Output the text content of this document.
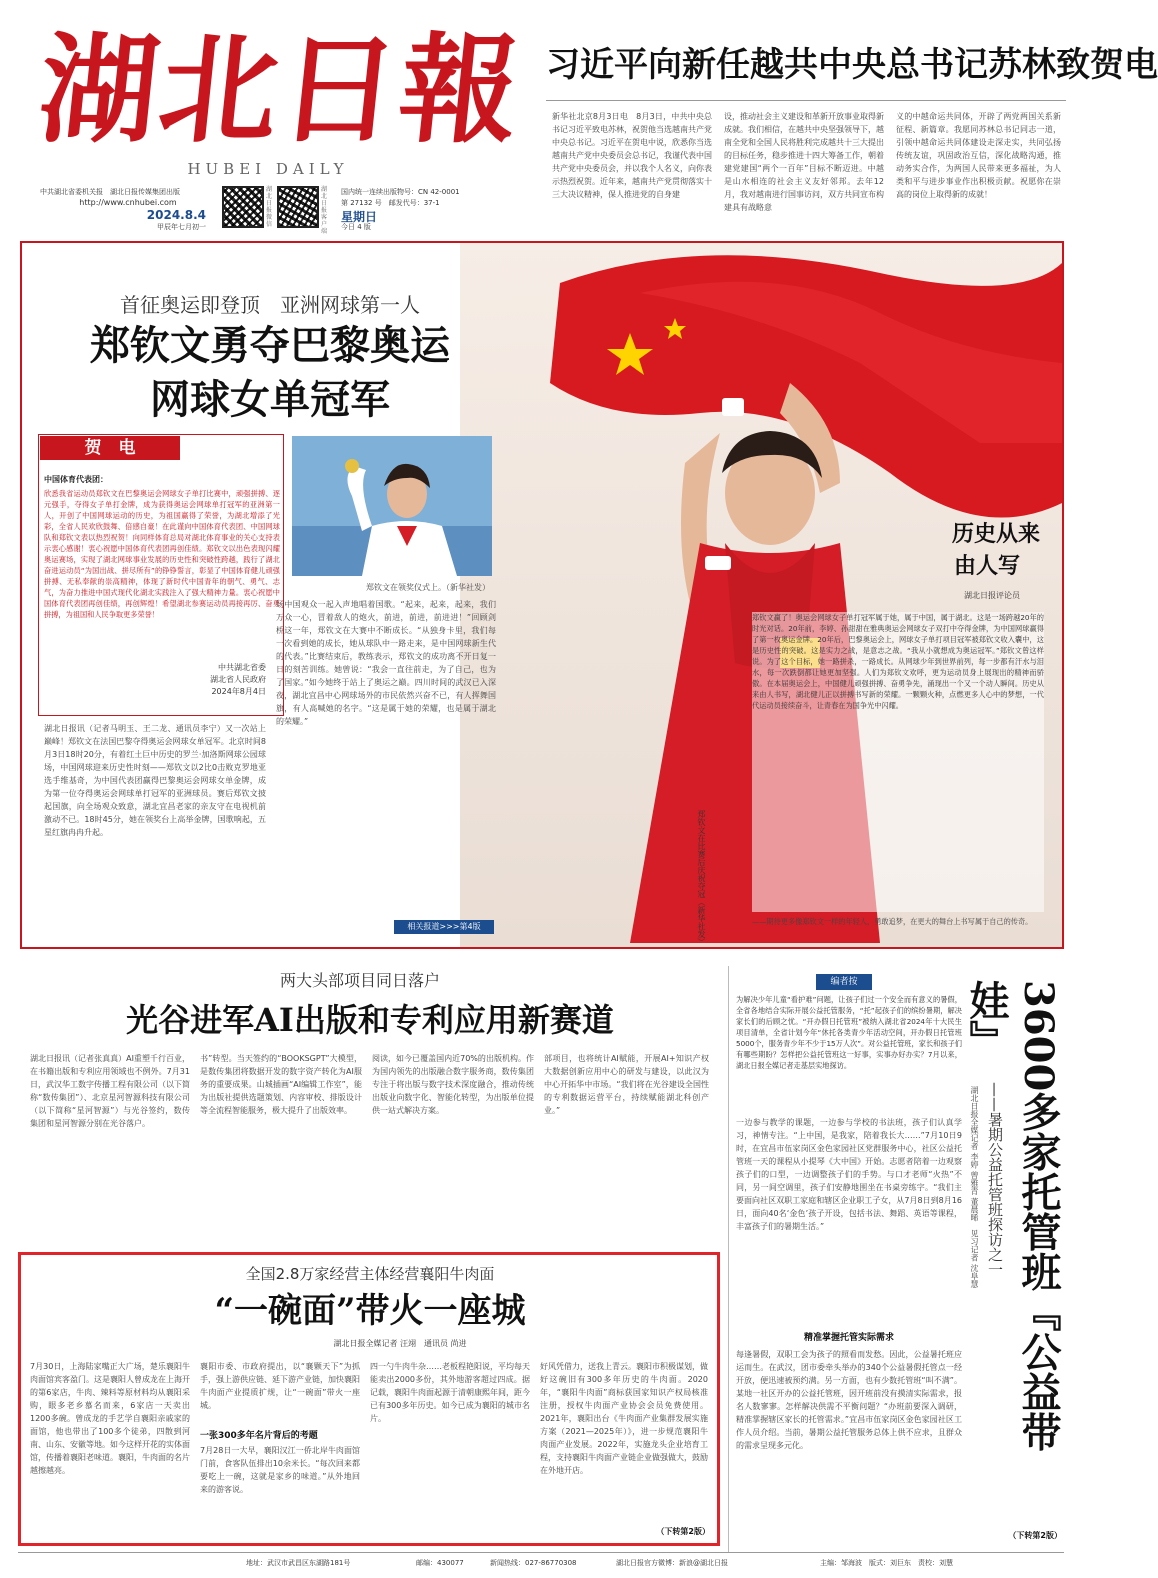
湖北日報
HUBEI DAILY
中共湖北省委机关报　湖北日报传媒集团出版
http://www.cnhubei.com
2024.8.4
甲辰年七月初一
湖北日报微信
湖北日报客户端
国内统一连续出版物号：CN 42-0001
第 27132 号　邮发代号：37-1
星期日
今日 4 版
习近平向新任越共中央总书记苏林致贺电
新华社北京8月3日电　8月3日，中共中央总书记习近平致电苏林，祝贺他当选越南共产党中央总书记。习近平在贺电中说，欣悉你当选越南共产党中央委员会总书记，我谨代表中国共产党中央委员会，并以我个人名义，向你表示热烈祝贺。近年来，越南共产党贯彻落实十三大决议精神，保人推进党的自身建
设，推动社会主义建设和革新开放事业取得新成就。我们相信，在越共中央坚强领导下，越南全党和全国人民将胜利完成越共十三大提出的目标任务，稳步推进十四大筹备工作，朝着建党建国“两个一百年”目标不断迈进。中越是山水相连的社会主义友好邻邦。去年12月，我对越南进行国事访问，双方共同宣布构建具有战略意
义的中越命运共同体，开辟了两党两国关系新征程、新篇章。我愿同苏林总书记同志一道，引领中越命运共同体建设走深走实，共同弘扬传统友谊，巩固政治互信，深化战略沟通，推动务实合作，为两国人民带来更多福祉，为人类和平与进步事业作出积极贡献。祝愿你在崇高的岗位上取得新的成就！
首征奥运即登顶　亚洲网球第一人
郑钦文勇夺巴黎奥运
网球女单冠军
贺　电
中国体育代表团：
欣悉我省运动员郑钦文在巴黎奥运会网球女子单打比赛中，顽强拼搏、逐元强手，夺得女子单打金牌，成为获得奥运会网球单打冠军的亚洲第一人，开创了中国网球运动的历史，为祖国赢得了荣誉，为湖北增添了光彩，全省人民欢欣鼓舞、倍感自豪！在此谨向中国体育代表团、中国网球队和郑钦文表以热烈祝贺！向同样体育总局对湖北体育事业的关心支持表示衷心感谢！衷心祝愿中国体育代表团再创佳绩。郑钦文以出色表现闪耀奥运赛场，实现了湖北网球事业发展的历史性和突破性跨越，践行了湖北奋进运动员“为国出战、拼尽所有”的铮铮誓言，彰显了中国体育健儿顽强拼搏、无私奉献的崇高精神，体现了新时代中国青年的朝气、勇气、志气，为奋力推进中国式现代化湖北实践注入了强大精神力量。衷心祝愿中国体育代表团再创佳绩，再创辉煌！希望湖北参赛运动员再接再厉、奋勇拼搏，为祖国和人民争取更多荣誉！
中共湖北省委
湖北省人民政府
2024年8月4日
郑钦文在领奖仪式上。（新华社发）
湖北日报讯（记者马明玉、王二龙、通讯员李宁）又一次站上巅峰！郑钦文在法国巴黎夺得奥运会网球女单冠军。北京时间8月3日18时20分，有着红土巨中历史的罗兰·加洛斯网球公园球场，中国网球迎来历史性时刻——郑钦文以2比0击败克罗地亚选手维基奇，为中国代表团赢得巴黎奥运会网球女单金牌，成为第一位夺得奥运会网球单打冠军的亚洲球员。赛后郑钦文披起国旗，向全场观众致意，湖北宜昌老家的亲友守在电视机前激动不已。18时45分，她在领奖台上高举金牌，国歌响起，五星红旗冉冉升起。
场中国观众一起入声地唱着国歌。“起来，起来，起来，我们万众一心，冒着敌人的炮火，前进，前进，前进进！”回顾剑桥这一年，郑钦文在大赛中不断成长。“从独身卡里，我们每一次看到她的成长，她从球队中一路走来，是中国网球新生代的代表。”比赛结束后，教练表示，郑钦文的成功离不开日复一日的刻苦训练。她曾说：“我会一直往前走，为了自己，也为了国家。”如今她终于站上了奥运之巅。四川时间的武汉已入深夜，湖北宜昌中心网球场外的市民依然兴奋不已，有人挥舞国旗，有人高喊她的名字。“这是属于她的荣耀，也是属于湖北的荣耀。”
相关报道>>>第4版	郑钦文在比赛后庆祝夺冠（新华社发）
历史从来
由人写
湖北日报评论员
郑钦文赢了！奥运会网球女子单打冠军属于她，属于中国，属于湖北。这是一场跨越20年的时光对话。20年前，李婷、孙甜甜在雅典奥运会网球女子双打中夺得金牌，为中国网球赢得了第一枚奥运金牌。20年后，巴黎奥运会上，网球女子单打项目冠军被郑钦文收入囊中，这是历史性的突破。这是实力之战，是意志之战。“我从小就想成为奥运冠军。”郑钦文曾这样说。为了这个目标，她一路拼杀，一路成长。从网球少年到世界前列，每一步都有汗水与泪水，每一次跌倒都让她更加坚强。人们为郑钦文欢呼，更为运动员身上展现出的精神而骄傲。在本届奥运会上，中国健儿顽强拼搏、奋勇争先，涌现出一个又一个动人瞬间。历史从来由人书写，湖北健儿正以拼搏书写新的荣耀。一颗颗火种，点燃更多人心中的梦想，一代代运动员接续奋斗，让青春在为国争光中闪耀。
——期待更多像郑钦文一样的年轻人，勇敢追梦，在更大的舞台上书写属于自己的传奇。
两大头部项目同日落户
光谷进军AI出版和专利应用新赛道
湖北日报讯（记者张真真）AI重塑千行百业，在书籍出版和专利应用领域也不例外。7月31日，武汉华工数字传播工程有限公司（以下简称“数传集团”）、北京星河智源科技有限公司（以下简称“星河智源”）与光谷签约，数传集团和星河智源分别在光谷落户。
书”转型。当天签约的“BOOKSGPT”大模型，是数传集团将数据开发的数字资产转化为AI服务的重要成果。山城插画“AI编辑工作室”，能为出版社提供选题策划、内容审校、排版设计等全流程智能服务，极大提升了出版效率。
阅读，如今已覆盖国内近70%的出版机构。作为国内领先的出版融合数字服务商，数传集团专注于将出版与数字技术深度融合，推动传统出版业向数字化、智能化转型，为出版单位提供一站式解决方案。
部项目，也将统计AI赋能，开展AI+知识产权大数据创新应用中心的研发与建设，以此汉为中心开拓华中市场。“我们将在光谷建设全国性的专利数据运营平台，持续赋能湖北科创产业。”
全国2.8万家经营主体经营襄阳牛肉面
“一碗面”带火一座城
湖北日报全媒记者 汪翊　通讯员 尚进
7月30日，上海陆家嘴正大广场，楚乐襄阳牛肉面馆宾客盈门。这是襄阳人曾成龙在上海开的第6家店，牛肉、辣料等原材料均从襄阳采购，眼多老乡慕名而来，6家店一天卖出1200多碗。曾成龙的手艺学自襄阳亲戚家的面馆，他也带出了100多个徒弟，四散到河南、山东、安徽等地。如今这样开花的实体面馆，传播着襄阳老味道。襄阳，牛肉面的名片越擦越亮。
襄阳市委、市政府提出，以“襄颗天下”为抓手，强上游供应链、延下游产业链，加快襄阳牛肉面产业提质扩规，让“一碗面”带火一座城。
一张300多年名片背后的考题
7月28日一大早，襄阳汉江一侨北岸牛肉面馆门前，食客队伍排出10余米长。“每次回来都要吃上一碗，这就是家乡的味道。”从外地回来的游客说。
四一勺牛肉牛杂……老板程艳阳说，平均每天能卖出2000多份，其外地游客超过四成。据记载，襄阳牛肉面起源于清朝康熙年间，距今已有300多年历史。如今已成为襄阳的城市名片。
好风凭借力，送我上青云。襄阳市积极谋划，做好这碗旧有300多年历史的牛肉面。2020年，“襄阳牛肉面”商标获国家知识产权局核准注册，授权牛肉面产业协会会员免费使用。2021年，襄阳出台《牛肉面产业集群发展实施方案（2021—2025年）》，进一步规范襄阳牛肉面产业发展。2022年，实施龙头企业培育工程，支持襄阳牛肉面产业链企业做强做大，鼓励在外地开店。
（下转第2版）
编者按
为解决少年儿童“看护难”问题，让孩子们过一个安全而有意义的暑假，全省各地结合实际开展公益托管服务，“托”起孩子们的缤纷暑期，解决家长们的后顾之忧。“开办假日托管班”被纳入湖北省2024年十大民生项目清单，全省计划今年“休托各类青少年活动空间，开办假日托管班5000个，服务青少年不少于15万人次”。对公益托管班，家长和孩子们有哪些期盼？怎样把公益托管班这一好事，实事办好办实？7月以来，湖北日报全媒记者走基层实地探访。
一边参与教学的课题，一边参与学校的书法班，孩子们认真学习，神情专注。“上中国，是我家，陪着我长大……”7月10日9时，在宜昌市伍家岗区金色家园社区党群服务中心，社区公益托管班一天的课程从小提琴《大中国》开始。志愿者陪着一边观察孩子们的口型，一边调整孩子们的手势。与口才老师“火热”不同，另一间空调里，孩子们安静地围坐在书桌旁练字。“我们主要面向社区双职工家庭和辖区企业职工子女，从7月8日到8月16日，面向40名‘金色’孩子开设，包括书法、舞蹈、英语等课程，丰富孩子们的暑期生活。”
精准掌握托管实际需求
每逢暑假，双职工会为孩子的照看而发愁。因此，公益暑托班应运而生。在武汉，团市委牵头举办的340个公益暑假托管点一经开放，便迅速被预约满。另一方面，也有少数托管班“叫不满”。某地一社区开办的公益托管班，因开班前没有摸清实际需求，报名人数寥寥。怎样解决供需不平衡问题？“办班前要深入调研，精准掌握辖区家长的托管需求。”宜昌市伍家岗区金色家园社区工作人员介绍。当前，暑期公益托管服务总体上供不应求，且群众的需求呈现多元化。
（下转第2版）
3600多家托管班『公益带娃』
——暑期公益托管班探访之一
湖北日报全媒记者 李婷 曾雅青 董晨晞　见习记者 沈阜慧
地址：武汉市武昌区东湖路181号	邮编：430077	新闻热线：027-86770308	湖北日报官方微博：新浪@湖北日报	主编：邹海波　版式：刘巨东　责校：刘慧
